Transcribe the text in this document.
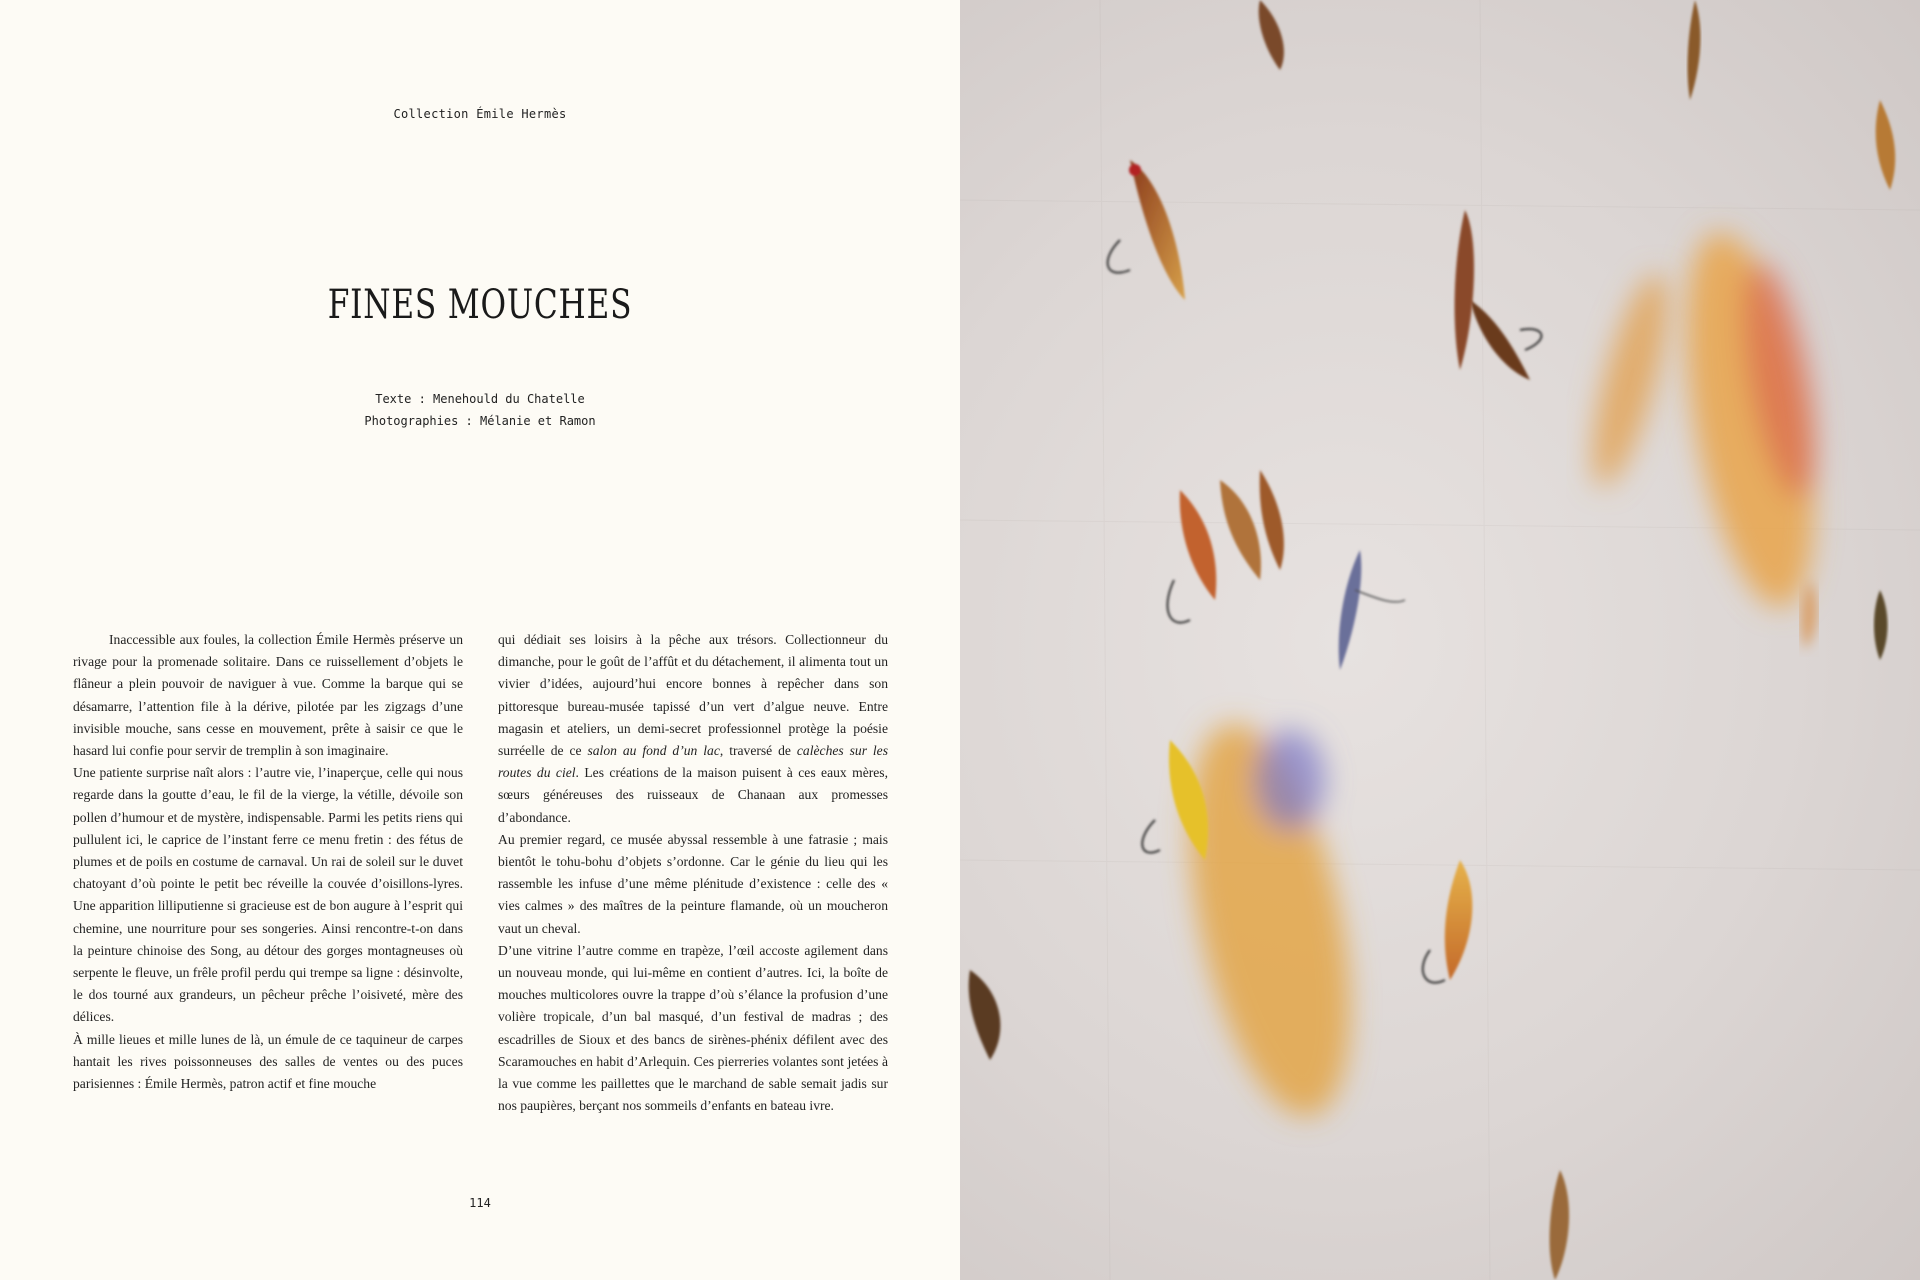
Collection Émile Hermès
FINES MOUCHES
Texte : Menehould du Chatelle
Photographies : Mélanie et Ramon

Inaccessible aux foules, la collection Émile Hermès préserve un rivage pour la promenade solitaire. Dans ce ruissellement d’objets le flâneur a plein pouvoir de naviguer à vue. Comme la barque qui se désamarre, l’attention file à la dérive, pilotée par les zigzags d’une invisible mouche, sans cesse en mouvement, prête à saisir ce que le hasard lui confie pour servir de tremplin à son imaginaire.

Une patiente surprise naît alors : l’autre vie, l’inaperçue, celle qui nous regarde dans la goutte d’eau, le fil de la vierge, la vétille, dévoile son pollen d’humour et de mystère, indispensable. Parmi les petits riens qui pullulent ici, le caprice de l’instant ferre ce menu fretin : des fétus de plumes et de poils en costume de carnaval. Un rai de soleil sur le duvet chatoyant d’où pointe le petit bec réveille la couvée d’oisillons-lyres. Une apparition lilliputienne si gracieuse est de bon augure à l’esprit qui chemine, une nourriture pour ses songeries. Ainsi rencontre-t-on dans la peinture chinoise des Song, au détour des gorges montagneuses où serpente le fleuve, un frêle profil perdu qui trempe sa ligne : désinvolte, le dos tourné aux grandeurs, un pêcheur prêche l’oisiveté, mère des délices.

À mille lieues et mille lunes de là, un émule de ce taquineur de carpes hantait les rives poissonneuses des salles de ventes ou des puces parisiennes : Émile Hermès, patron actif et fine mouche

qui dédiait ses loisirs à la pêche aux trésors. Collectionneur du dimanche, pour le goût de l’affût et du détachement, il alimenta tout un vivier d’idées, aujourd’hui encore bonnes à repêcher dans son pittoresque bureau-musée tapissé d’un vert d’algue neuve. Entre magasin et ateliers, un demi-secret professionnel protège la poésie surréelle de ce salon au fond d’un lac, traversé de calèches sur les routes du ciel. Les créations de la maison puisent à ces eaux mères, sœurs généreuses des ruisseaux de Chanaan aux promesses d’abondance.

Au premier regard, ce musée abyssal ressemble à une fatrasie ; mais bientôt le tohu-bohu d’objets s’ordonne. Car le génie du lieu qui les rassemble les infuse d’une même plénitude d’existence : celle des « vies calmes » des maîtres de la peinture flamande, où un moucheron vaut un cheval.

D’une vitrine l’autre comme en trapèze, l’œil accoste agilement dans un nouveau monde, qui lui-même en contient d’autres. Ici, la boîte de mouches multicolores ouvre la trappe d’où s’élance la profusion d’une volière tropicale, d’un bal masqué, d’un festival de madras ; des escadrilles de Sioux et des bancs de sirènes-phénix défilent avec des Scaramouches en habit d’Arlequin. Ces pierreries volantes sont jetées à la vue comme les paillettes que le marchand de sable semait jadis sur nos paupières, berçant nos sommeils d’enfants en bateau ivre.

114
